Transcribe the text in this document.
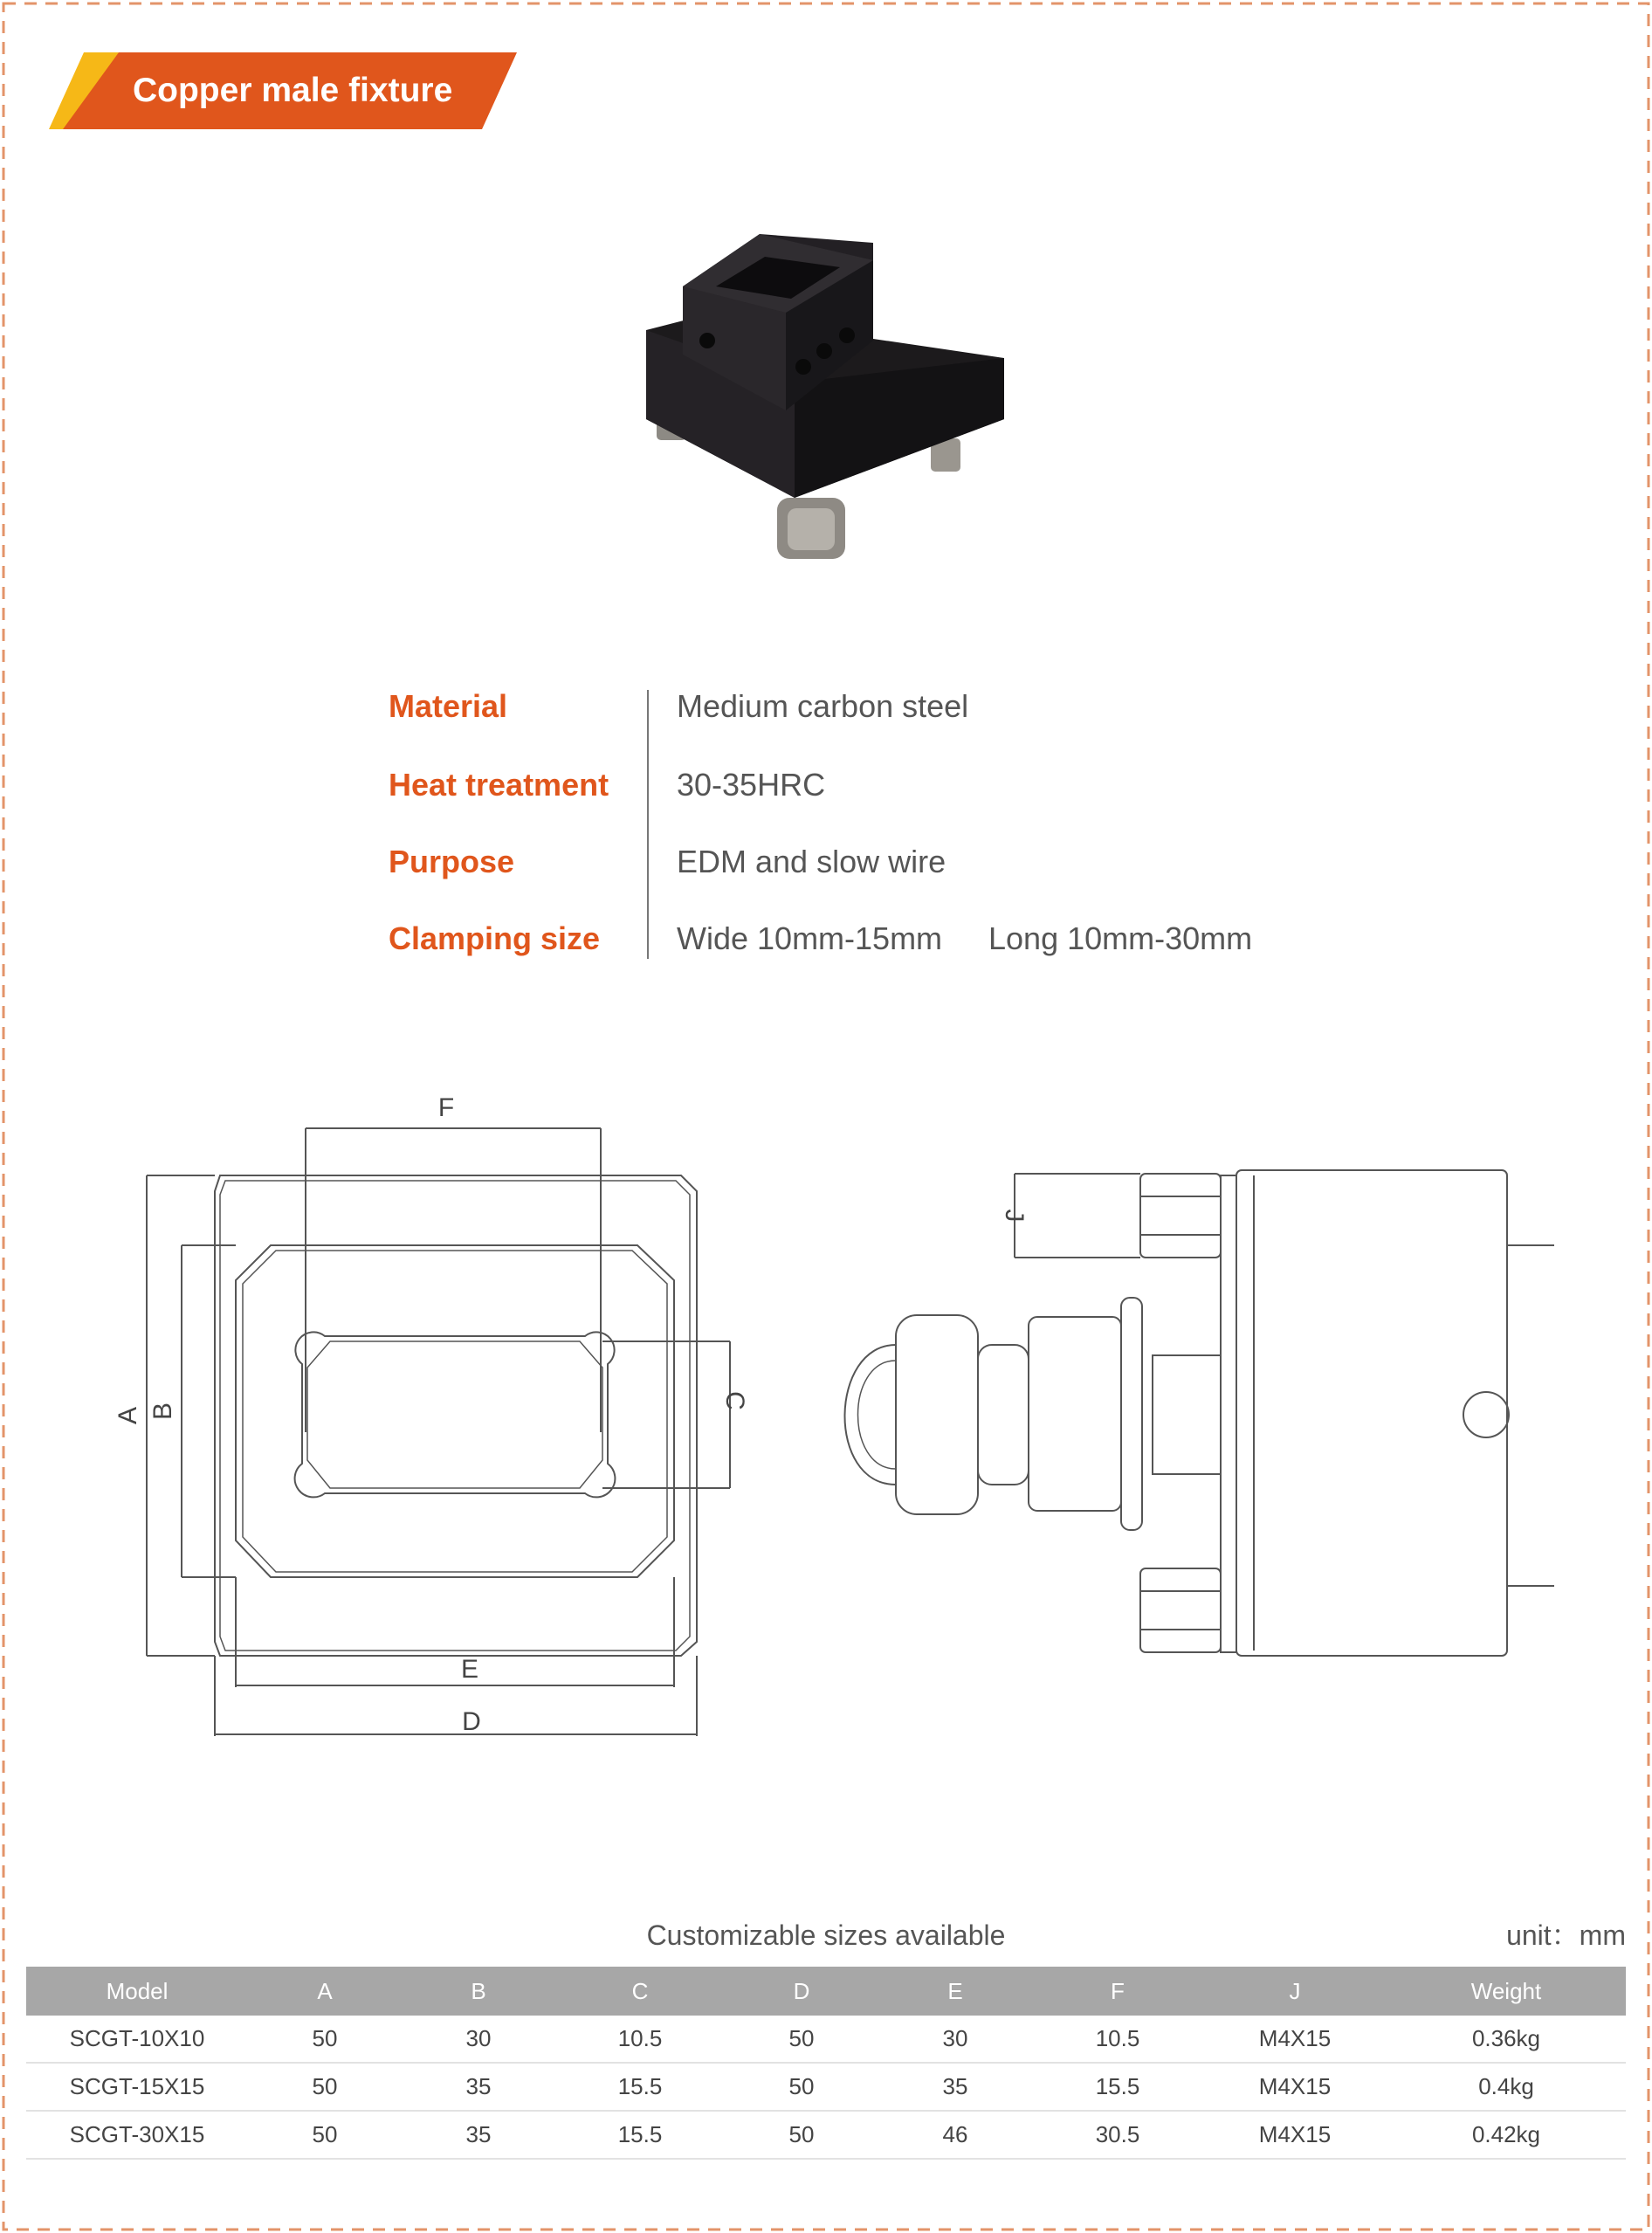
Copper male fixture
Material	Medium carbon steel
Heat treatment 30-35HRC
Purpose	EDM and slow wire
Clamping size Wide 10mm-15mm Long 10mm-30mm
F
A B
C
E
D
J
Customizable sizes available	unit：mm
Model	A	B	C	D	E	F	J	Weight
SCGT-10X10	50	30	10.5	50	30	10.5	M4X15	0.36kg
SCGT-15X15	50	35	15.5	50	35	15.5	M4X15	0.4kg
SCGT-30X15	50	35	15.5	50	46	30.5	M4X15	0.42kg
